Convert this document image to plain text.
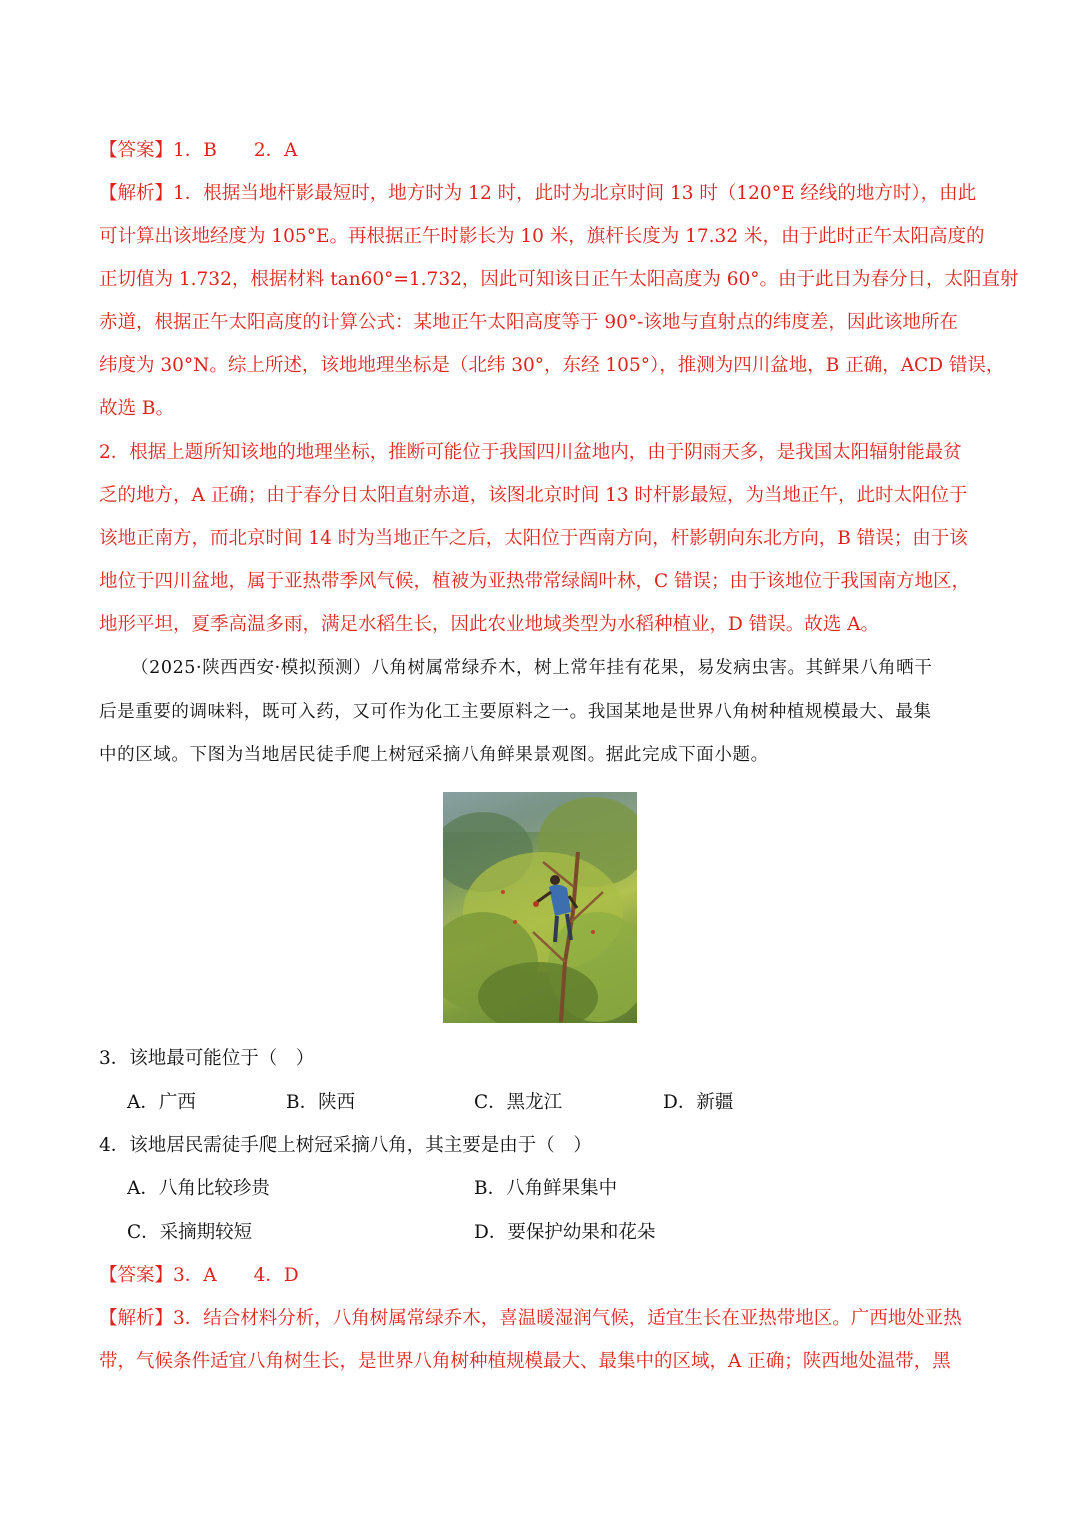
【答案】1．B　　2．A
【解析】1．根据当地杆影最短时，地方时为 12 时，此时为北京时间 13 时（120°E 经线的地方时），由此
可计算出该地经度为 105°E。再根据正午时影长为 10 米，旗杆长度为 17.32 米，由于此时正午太阳高度的
正切值为 1.732，根据材料 tan60°=1.732，因此可知该日正午太阳高度为 60°。由于此日为春分日，太阳直射
赤道，根据正午太阳高度的计算公式：某地正午太阳高度等于 90°-该地与直射点的纬度差，因此该地所在
纬度为 30°N。综上所述，该地地理坐标是（北纬 30°，东经 105°），推测为四川盆地，B 正确，ACD 错误，
故选 B。
2．根据上题所知该地的地理坐标，推断可能位于我国四川盆地内，由于阴雨天多，是我国太阳辐射能最贫
乏的地方，A 正确；由于春分日太阳直射赤道，该图北京时间 13 时杆影最短，为当地正午，此时太阳位于
该地正南方，而北京时间 14 时为当地正午之后，太阳位于西南方向，杆影朝向东北方向，B 错误；由于该
地位于四川盆地，属于亚热带季风气候，植被为亚热带常绿阔叶林，C 错误；由于该地位于我国南方地区，
地形平坦，夏季高温多雨，满足水稻生长，因此农业地域类型为水稻种植业，D 错误。故选 A。
（2025·陕西西安·模拟预测）八角树属常绿乔木，树上常年挂有花果，易发病虫害。其鲜果八角晒干
后是重要的调味料，既可入药，又可作为化工主要原料之一。我国某地是世界八角树种植规模最大、最集
中的区域。下图为当地居民徒手爬上树冠采摘八角鲜果景观图。据此完成下面小题。
3．该地最可能位于（　）
A．广西	B．陕西	C．黑龙江	D．新疆
4．该地居民需徒手爬上树冠采摘八角，其主要是由于（　）
A．八角比较珍贵	B．八角鲜果集中
C．采摘期较短	D．要保护幼果和花朵
【答案】3．A　　4．D
【解析】3．结合材料分析，八角树属常绿乔木，喜温暖湿润气候，适宜生长在亚热带地区。广西地处亚热
带，气候条件适宜八角树生长，是世界八角树种植规模最大、最集中的区域，A 正确；陕西地处温带，黑
